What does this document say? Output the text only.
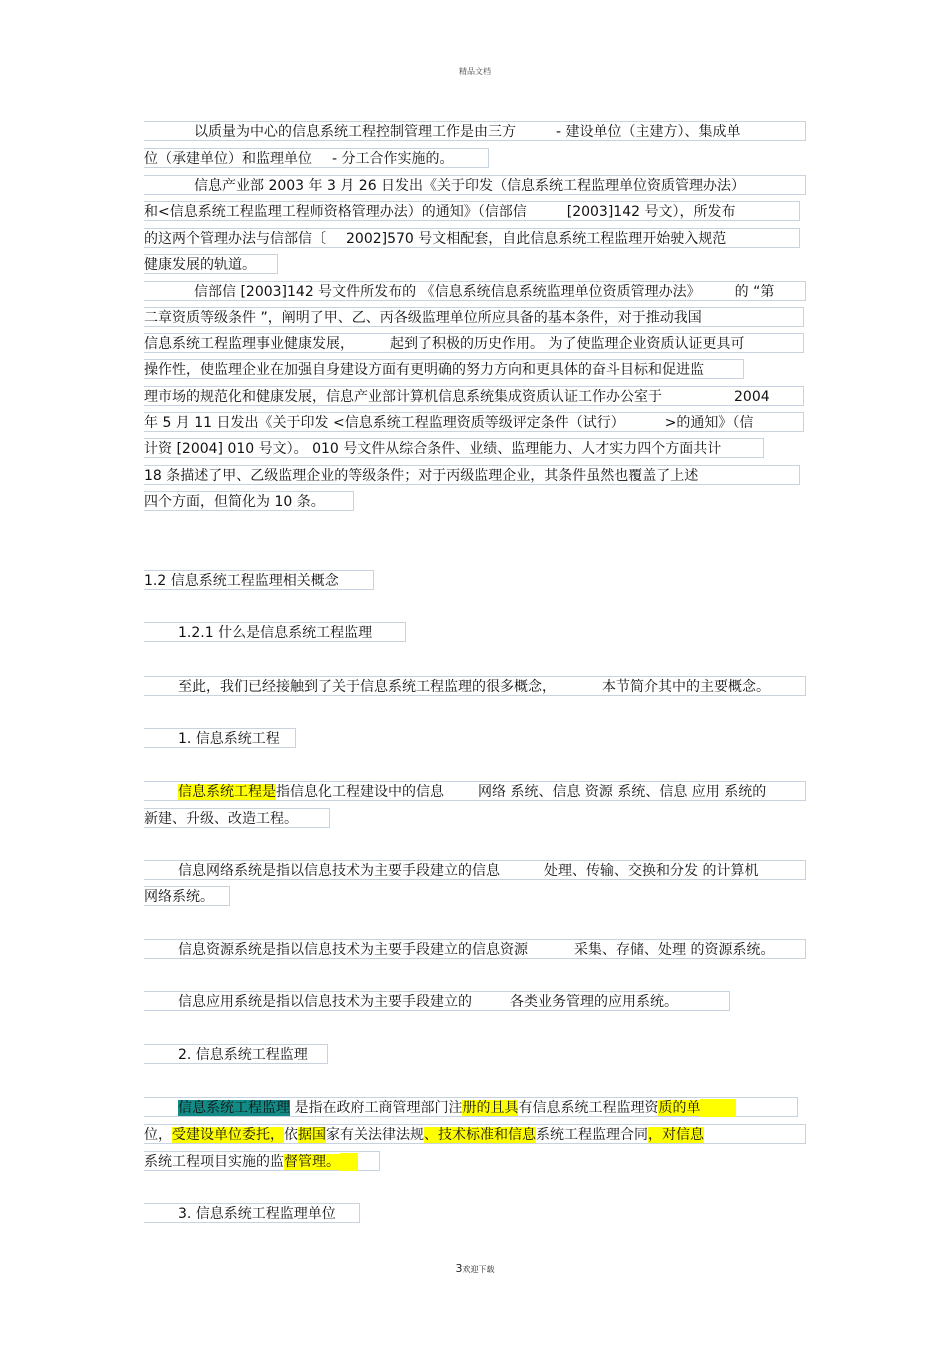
精品文档
以质量为中心的信息系统工程控制管理工作是由三方	- 建设单位（主建方）、集成单
位（承建单位）和监理单位 - 分工合作实施的。
信息产业部 2003 年 3 月 26 日发出《关于印发（信息系统工程监理单位资质管理办法）
和<信息系统工程监理工程师资格管理办法）的通知》（信部信	[2003]142 号文），所发布
的这两个管理办法与信部信〔 2002]570 号文相配套，自此信息系统工程监理开始驶入规范
健康发展的轨道。
信部信 [2003]142 号文件所发布的 《信息系统信息系统监理单位资质管理办法》 的 “第
二章资质等级条件 ”，阐明了甲、乙、丙各级监理单位所应具备的基本条件，对于推动我国
信息系统工程监理事业健康发展，	起到了积极的历史作用。 为了使监理企业资质认证更具可
操作性，使监理企业在加强自身建设方面有更明确的努力方向和更具体的奋斗目标和促进监
理市场的规范化和健康发展，信息产业部计算机信息系统集成资质认证工作办公室于	2004
年 5 月 11 日发出《关于印发 <信息系统工程监理资质等级评定条件（试行）	>的通知》（信
计资 [2004] 010 号文）。 010 号文件从综合条件、业绩、监理能力、人才实力四个方面共计
18 条描述了甲、乙级监理企业的等级条件；对于丙级监理企业，其条件虽然也覆盖了上述
四个方面，但简化为 10 条。
1.2 信息系统工程监理相关概念
1.2.1 什么是信息系统工程监理
至此，我们已经接触到了关于信息系统工程监理的很多概念，	本节简介其中的主要概念。
1. 信息系统工程
信息系统工程是指信息化工程建设中的信息 网络 系统、信息 资源 系统、信息 应用 系统的
新建、升级、改造工程。
信息网络系统是指以信息技术为主要手段建立的信息	处理、传输、交换和分发 的计算机
网络系统。
信息资源系统是指以信息技术为主要手段建立的信息资源	采集、存储、处理 的资源系统。
信息应用系统是指以信息技术为主要手段建立的	各类业务管理的应用系统。
2. 信息系统工程监理
信息系统工程监理 是指在政府工商管理部门注册的且具有信息系统工程监理资质的单
位，受建设单位委托，依据国家有关法律法规、技术标准和信息系统工程监理合同，对信息
系统工程项目实施的监督管理。
3. 信息系统工程监理单位
3欢迎下载
